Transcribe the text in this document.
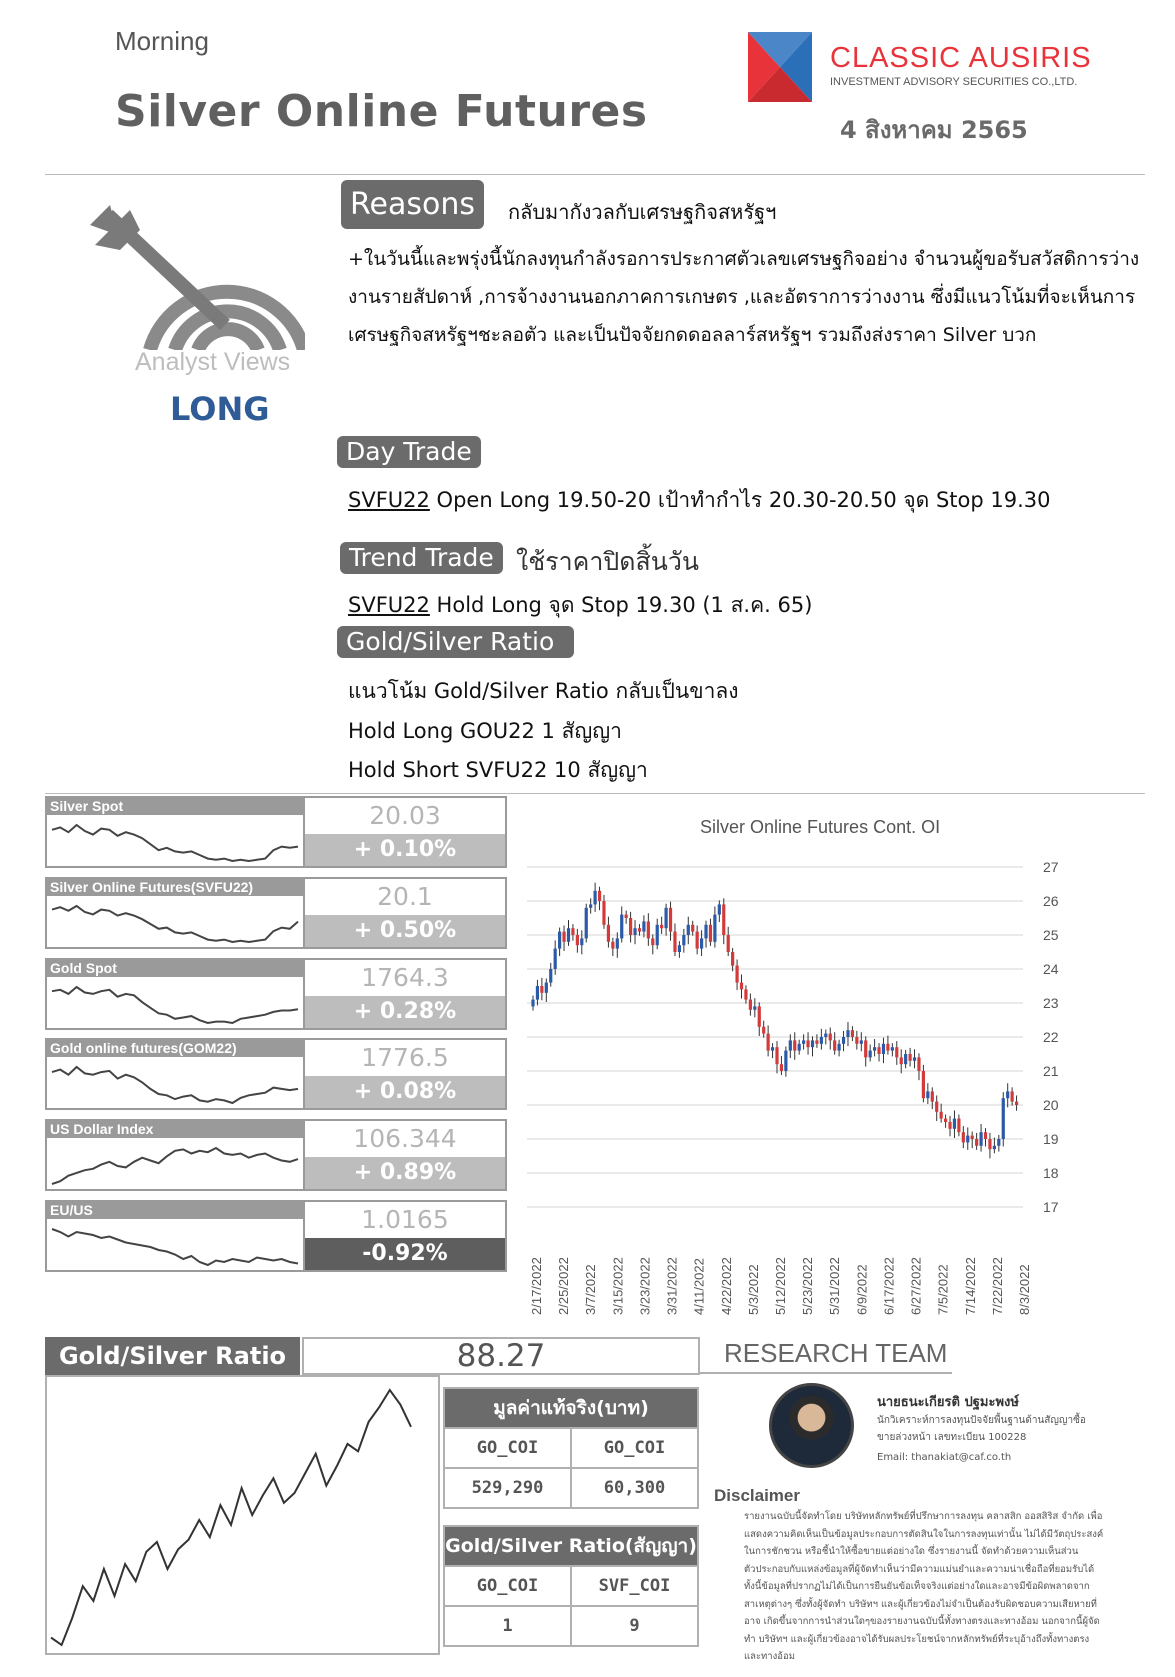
Morning
Silver Online Futures
CLASSIC AUSIRIS
INVESTMENT ADVISORY SECURITIES CO.,LTD.
4 สิงหาคม 2565
Analyst Views
LONG
Reasons	กลับมากังวลกับเศรษฐกิจสหรัฐฯ
+ในวันนี้และพรุ่งนี้นักลงทุนกำลังรอการประกาศตัวเลขเศรษฐกิจอย่าง จำนวนผู้ขอรับสวัสดิการว่างงานรายสัปดาห์ ,การจ้างงานนอกภาคการเกษตร ,และอัตราการว่างงาน ซึ่งมีแนวโน้มที่จะเห็นการเศรษฐกิจสหรัฐฯชะลอตัว และเป็นปัจจัยกดดอลลาร์สหรัฐฯ รวมถึงส่งราคา Silver บวก
Day Trade
SVFU22 Open Long 19.50-20 เป้าทำกำไร 20.30-20.50 จุด Stop 19.30
Trend Trade ใช้ราคาปิดสิ้นวัน
SVFU22 Hold Long จุด Stop 19.30 (1 ส.ค. 65)
Gold/Silver Ratio
แนวโน้ม Gold/Silver Ratio กลับเป็นขาลง
Hold Long GOU22 1 สัญญา
Hold Short SVFU22 10 สัญญา
Silver Spot	20.03
+ 0.10%
Silver Online Futures(SVFU22)	20.1
+ 0.50%
Gold Spot	1764.3
+ 0.28%
Gold online futures(GOM22)	1776.5
+ 0.08%
US Dollar Index	106.344
+ 0.89%
EU/US	1.0165
-0.92%
Silver Online Futures Cont. OI
27
26
25
24
23
22
21
20
19
18
17
2/17/2022 2/25/2022 3/7/2022 3/15/2022 3/23/2022 3/31/2022 4/11/2022 4/22/2022 5/3/2022 5/12/2022 5/23/2022 5/31/2022 6/9/2022 6/17/2022 6/27/2022 7/5/2022 7/14/2022 7/22/2022 8/3/2022
Gold/Silver Ratio	88.27
มูลค่าแท้จริง(บาท)
GO_COI	GO_COI
529,290	60,300
Gold/Silver Ratio(สัญญา)
GO_COI	SVF_COI
1	9
RESEARCH TEAM
นายธนะเกียรติ ปฐมะพงษ์
นักวิเคราะห์การลงทุนปัจจัยพื้นฐานด้านสัญญาซื้อขายล่วงหน้า เลขทะเบียน 100228
Email: thanakiat@caf.co.th
Disclaimer
รายงานฉบับนี้จัดทำโดย บริษัทหลักทรัพย์ที่ปรึกษาการลงทุน คลาสสิก ออสสิริส จำกัด เพื่อแสดงความคิดเห็นเป็นข้อมูลประกอบการตัดสินใจในการลงทุนเท่านั้น ไม่ได้มีวัตถุประสงค์ในการชักชวน หรือชี้นำให้ซื้อขายแต่อย่างใด ซึ่งรายงานนี้ จัดทำด้วยความเห็นส่วนตัวประกอบกับแหล่งข้อมูลที่ผู้จัดทำเห็นว่ามีความแม่นยำและความน่าเชื่อถือที่ยอมรับได้ ทั้งนี้ข้อมูลที่ปรากฏไม่ได้เป็นการยืนยันข้อเท็จจริงแต่อย่างใดและอาจมีข้อผิดพลาดจากสาเหตุต่างๆ ซึ่งทั้งผู้จัดทำ บริษัทฯ และผู้เกี่ยวข้องไม่จำเป็นต้องรับผิดชอบความเสียหายที่อาจ เกิดขึ้นจากการนำส่วนใดๆของรายงานฉบับนี้ทั้งทางตรงและทางอ้อม นอกจากนี้ผู้จัดทำ บริษัทฯ และผู้เกี่ยวข้องอาจได้รับผลประโยชน์จากหลักทรัพย์ที่ระบุอ้างถึงทั้งทางตรงและทางอ้อม
